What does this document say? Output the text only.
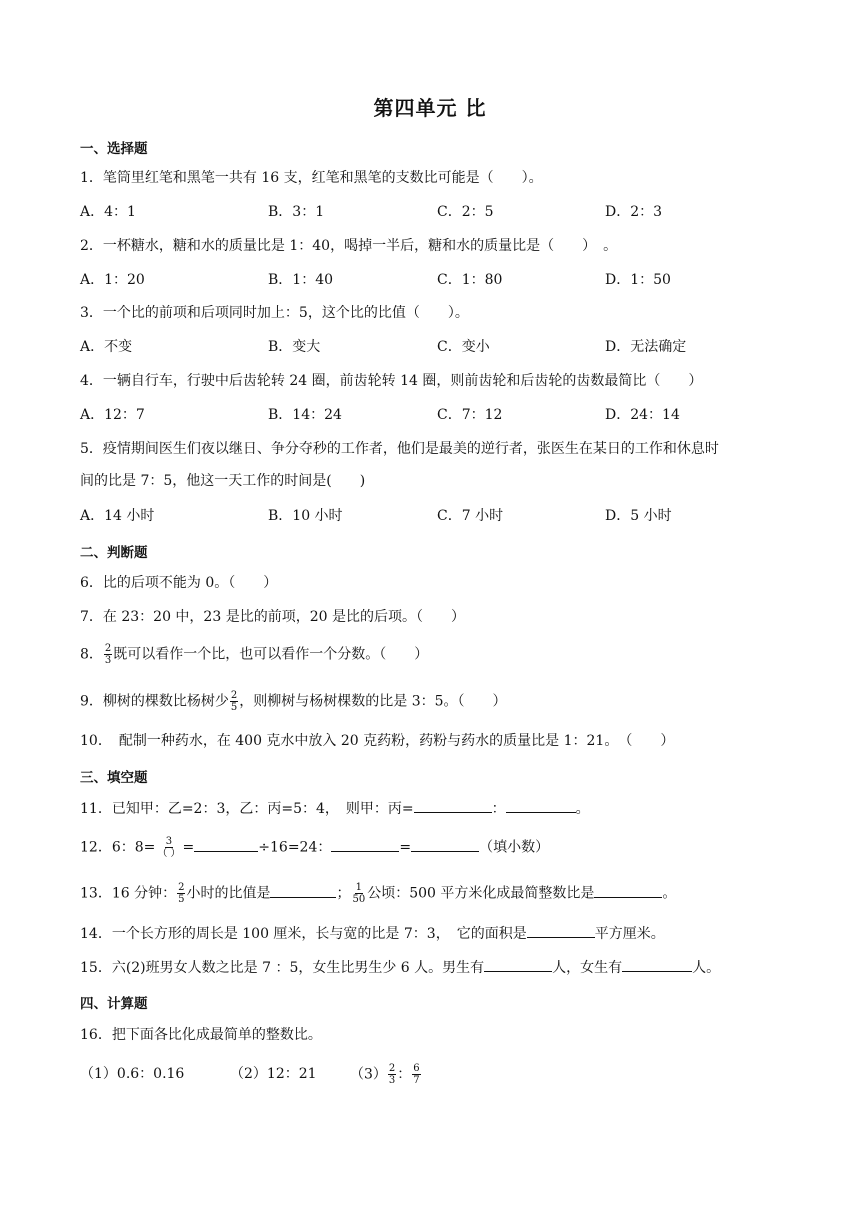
第四单元 比
一、选择题
1．笔筒里红笔和黑笔一共有 16 支，红笔和黑笔的支数比可能是（　　）。
A．4：1	B．3：1	C．2：5	D．2：3
2．一杯糖水，糖和水的质量比是 1：40，喝掉一半后，糖和水的质量比是（　　）　。
A．1：20	B．1：40	C．1：80	D．1：50
3．一个比的前项和后项同时加上：5，这个比的比值（　　）。
A．不变	B．变大	C．变小	D．无法确定
4．一辆自行车，行驶中后齿轮转 24 圈，前齿轮转 14 圈，则前齿轮和后齿轮的齿数最简比（　　）
A．12：7	B．14：24	C．7：12	D．24：14
5．疫情期间医生们夜以继日、争分夺秒的工作者，他们是最美的逆行者，张医生在某日的工作和休息时
间的比是 7：5，他这一天工作的时间是(　　)
A．14 小时	B．10 小时	C．7 小时	D．5 小时
二、判断题
6．比的后项不能为 0。（　　）
7．在 23：20 中，23 是比的前项，20 是比的后项。（　　）
8． $\frac{2}{3}$ 既可以看作一个比，也可以看作一个分数。（　　）
9．柳树的棵数比杨树少 $\frac{2}{5}$ ，则柳树与杨树棵数的比是 3：5。（　　）
10．　配制一种药水，在 400 克水中放入 20 克药粉，药粉与药水的质量比是 1：21。　（　　）
三、填空题
11．已知甲：乙=2：3，乙：丙=5：4，　则甲：丙=	：	。
12．6：$8= \frac{3}{( )}$ =	÷16=24：	=	（填小数）
13．16 分钟： $\frac{2}{5}$ 小时的比值是	； $\frac{1}{50}$ 公顷：500 平方米化成最简整数比是	。
14．一个长方形的周长是 100 厘米，长与宽的比是 7：3，　它的面积是	平方厘米。
15．六(2)班男女人数之比是 7 ：5，女生比男生少 6 人。男生有	人，女生有	人。
四、计算题
16．把下面各比化成最简单的整数比。
（1）0.6：0.16	（2）12：21 $(3) \frac{2}{3}$ ： $\frac{6}{7}$
